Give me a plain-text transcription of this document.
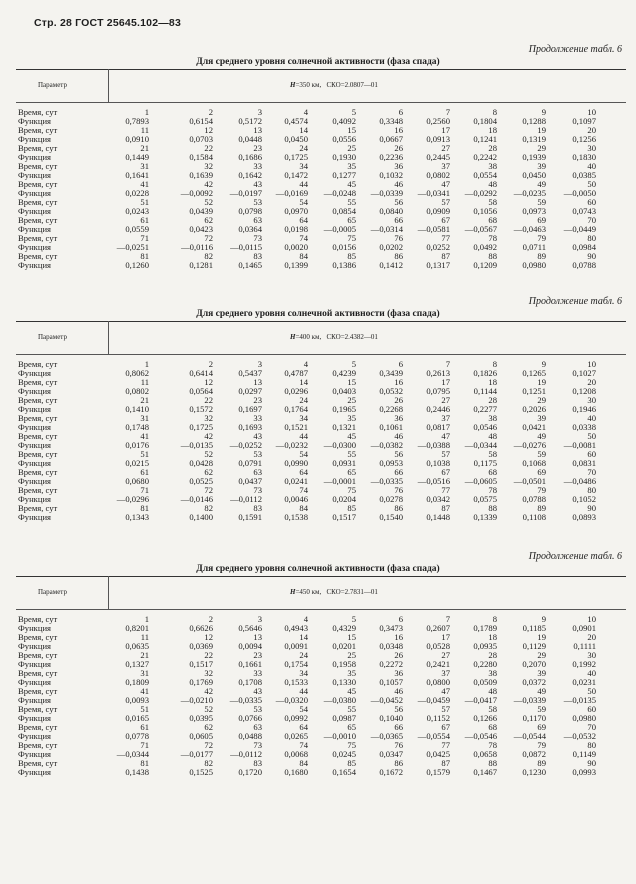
Стр. 28 ГОСТ 25645.102—83
Продолжение табл. 6
Для среднего уровня солнечной активности (фаза спада)
Параметр	H=350 км, СКО=2.0807—01
Время, сут	1	2	3	4	5	6	7	8	9	10
Функция	0,7893	0,6154	0,5172	0,4574	0,4092	0,3348	0,2560	0,1804	0,1288	0,1097
Время, сут	11	12	13	14	15	16	17	18	19	20
Функция	0,0910	0,0703	0,0448	0,0450	0,0556	0,0667	0,0913	0,1241	0,1319	0,1256
Время, сут	21	22	23	24	25	26	27	28	29	30
Функция	0,1449	0,1584	0,1686	0,1725	0,1930	0,2236	0,2445	0,2242	0,1939	0,1830
Время, сут	31	32	33	34	35	36	37	38	39	40
Функция	0,1641	0,1639	0,1642	0,1472	0,1277	0,1032	0,0802	0,0554	0,0450	0,0385
Время, сут	41	42	43	44	45	46	47	48	49	50
Функция	0,0228	—0,0092 —0,0197 —0,0169 —0,0248 —0,0339 —0,0341 —0,0292 —0,0235 —0,0050
Время, сут	51	52	53	54	55	56	57	58	59	60
Функция	0,0243	0,0439	0,0798	0,0970	0,0854	0,0840	0,0909	0,1056	0,0973	0,0743
Время, сут	61	62	63	64	65	66	67	68	69	70
Функция	0,0559	0,0423	0,0364	0,0198 —0,0005 —0,0314 —0,0581 —0,0567 —0,0463 —0,0449
Время, сут	71	72	73	74	75	76	77	78	79	80
Функция	—0,0251	—0,0116 —0,0115	0,0020	0,0156	0,0202	0,0252	0,0492	0,0711	0,0984
Время, сут	81	82	83	84	85	86	87	88	89	90
Функция	0,1260	0,1281	0,1465	0,1399	0,1386	0,1412	0,1317	0,1209	0,0980	0,0788
Продолжение табл. 6
Для среднего уровня солнечной активности (фаза спада)
Параметр	H=400 км, СКО=2.4382—01
Время, сут	1	2	3	4	5	6	7	8	9	10
Функция	0,8062	0,6414	0,5437	0,4787	0,4239	0,3439	0,2613	0,1826	0,1265	0,1027
Время, сут	11	12	13	14	15	16	17	18	19	20
Функция	0,0802	0,0564	0,0297	0,0296	0,0403	0,0532	0,0795	0,1144	0,1251	0,1208
Время, сут	21	22	23	24	25	26	27	28	29	30
Функция	0,1410	0,1572	0,1697	0,1764	0,1965	0,2268	0,2446	0,2277	0,2026	0,1946
Время, сут	31	32	33	34	35	36	37	38	39	40
Функция	0,1748	0,1725	0,1693	0,1521	0,1321	0,1061	0,0817	0,0546	0,0421	0,0338
Время, сут	41	42	43	44	45	46	47	48	49	50
Функция	0,0176	—0,0135 —0,0252 —0,0232 —0,0300 —0,0382 —0,0388 —0,0344 —0,0276 —0,0081
Время, сут	51	52	53	54	55	56	57	58	59	60
Функция	0,0215	0,0428	0,0791	0,0990	0,0931	0,0953	0,1038	0,1175	0,1068	0,0831
Время, сут	61	62	63	64	65	66	67	68	69	70
Функция	0,0680	0,0525	0,0437	0,0241 —0,0001 —0,0335 —0,0516 —0,0605 —0,0501 —0,0486
Время, сут	71	72	73	74	75	76	77	78	79	80
Функция	—0,0296	—0,0146 —0,0112	0,0046	0,0204	0,0278	0,0342	0,0575	0,0788	0,1052
Время, сут	81	82	83	84	85	86	87	88	89	90
Функция	0,1343	0,1400	0,1591	0,1538	0,1517	0,1540	0,1448	0,1339	0,1108	0,0893
Продолжение табл. 6
Для среднего уровня солнечной активности (фаза спада)
Параметр	H=450 км, СКО=2.7831—01
Время, сут	1	2	3	4	5	6	7	8	9	10
Функция	0,8201	0,6626	0,5646	0,4943	0,4329	0,3473	0,2607	0,1789	0,1185	0,0901
Время, сут	11	12	13	14	15	16	17	18	19	20
Функция	0,0635	0,0369	0,0094	0,0091	0,0201	0,0348	0,0528	0,0935	0,1129	0,1111
Время, сут	21	22	23	24	25	26	27	28	29	30
Функция	0,1327	0,1517	0,1661	0,1754	0,1958	0,2272	0,2421	0,2280	0,2070	0,1992
Время, сут	31	32	33	34	35	36	37	38	39	40
Функция	0,1809	0,1769	0,1708	0,1533	0,1330	0,1057	0,0800	0,0509	0,0372	0,0231
Время, сут	41	42	43	44	45	46	47	48	49	50
Функция	0,0093	—0,0210 —0,0335 —0,0320 —0,0380 —0,0452 —0,0459 —0,0417 —0,0339 —0,0135
Время, сут	51	52	53	54	55	56	57	58	59	60
Функция	0,0165	0,0395	0,0766	0,0992	0,0987	0,1040	0,1152	0,1266	0,1170	0,0980
Время, сут	61	62	63	64	65	66	67	68	69	70
Функция	0,0778	0,0605	0,0488	0,0265 —0,0010 —0,0365 —0,0554 —0,0546 —0,0544 —0,0532
Время, сут	71	72	73	74	75	76	77	78	79	80
Функция	—0,0344	—0,0177 —0,0112	0,0068	0,0245	0,0347	0,0425	0,0658	0,0872	0,1149
Время, сут	81	82	83	84	85	86	87	88	89	90
Функция	0,1438	0,1525	0,1720	0,1680	0,1654	0,1672	0,1579	0,1467	0,1230	0,0993
